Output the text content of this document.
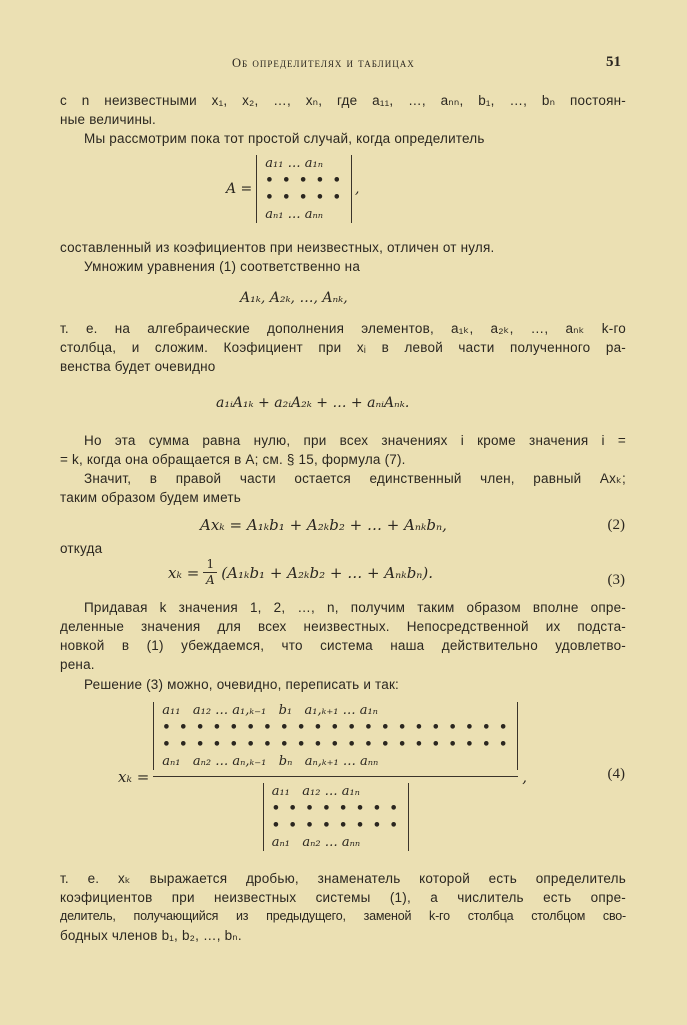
Об определителях и таблицах	51
с n неизвестными x₁, x₂, …, xₙ, где a₁₁, …, aₙₙ, b₁, …, bₙ постоян-
ные величины.
Мы рассмотрим пока тот простой случай, когда определитель
A =
a₁₁ … a₁ₙ
• • • • •
• • • • •
aₙ₁ … aₙₙ
,
составленный из коэфициентов при неизвестных, отличен от нуля.
Умножим уравнения (1) соответственно на
A₁ₖ, A₂ₖ, …, Aₙₖ,
т. е. на алгебраические дополнения элементов, a₁ₖ, a₂ₖ, …, aₙₖ k-го
столбца, и сложим. Коэфициент при xᵢ в левой части полученного ра-
венства будет очевидно
a₁ᵢA₁ₖ + a₂ᵢA₂ₖ + … + aₙᵢAₙₖ.
Но эта сумма равна нулю, при всех значениях i кроме значения i =
= k, когда она обращается в A; см. § 15, формула (7).
Значит, в правой части остается единственный член, равный Axₖ;
таким образом будем иметь
Axₖ = A₁ₖb₁ + A₂ₖb₂ + … + Aₙₖbₙ,	(2)
откуда
xₖ = 1
A (A₁ₖb₁ + A₂ₖb₂ + … + Aₙₖbₙ).	(3)
Придавая k значения 1, 2, …, n, получим таким образом вполне опре-
деленные значения для всех неизвестных. Непосредственной их подста-
новкой в (1) убеждаемся, что система наша действительно удовлетво-
рена.
Решение (3) можно, очевидно, переписать и так:
xₖ =
a₁₁   a₁₂ … a₁,ₖ₋₁   b₁   a₁,ₖ₊₁ … a₁ₙ
• • • • • • • • • • • • • • • • • • • • •
• • • • • • • • • • • • • • • • • • • • •
aₙ₁   aₙ₂ … aₙ,ₖ₋₁   bₙ   aₙ,ₖ₊₁ … aₙₙ
a₁₁   a₁₂ … a₁ₙ
• • • • • • • •
• • • • • • • •
aₙ₁   aₙ₂ … aₙₙ
,	(4)
т. е. xₖ выражается дробью, знаменатель которой есть определитель
коэфициентов при неизвестных системы (1), а числитель есть опре-
делитель, получающийся из предыдущего, заменой k-го столбца столбцом сво-
бодных членов b₁, b₂, …, bₙ.
